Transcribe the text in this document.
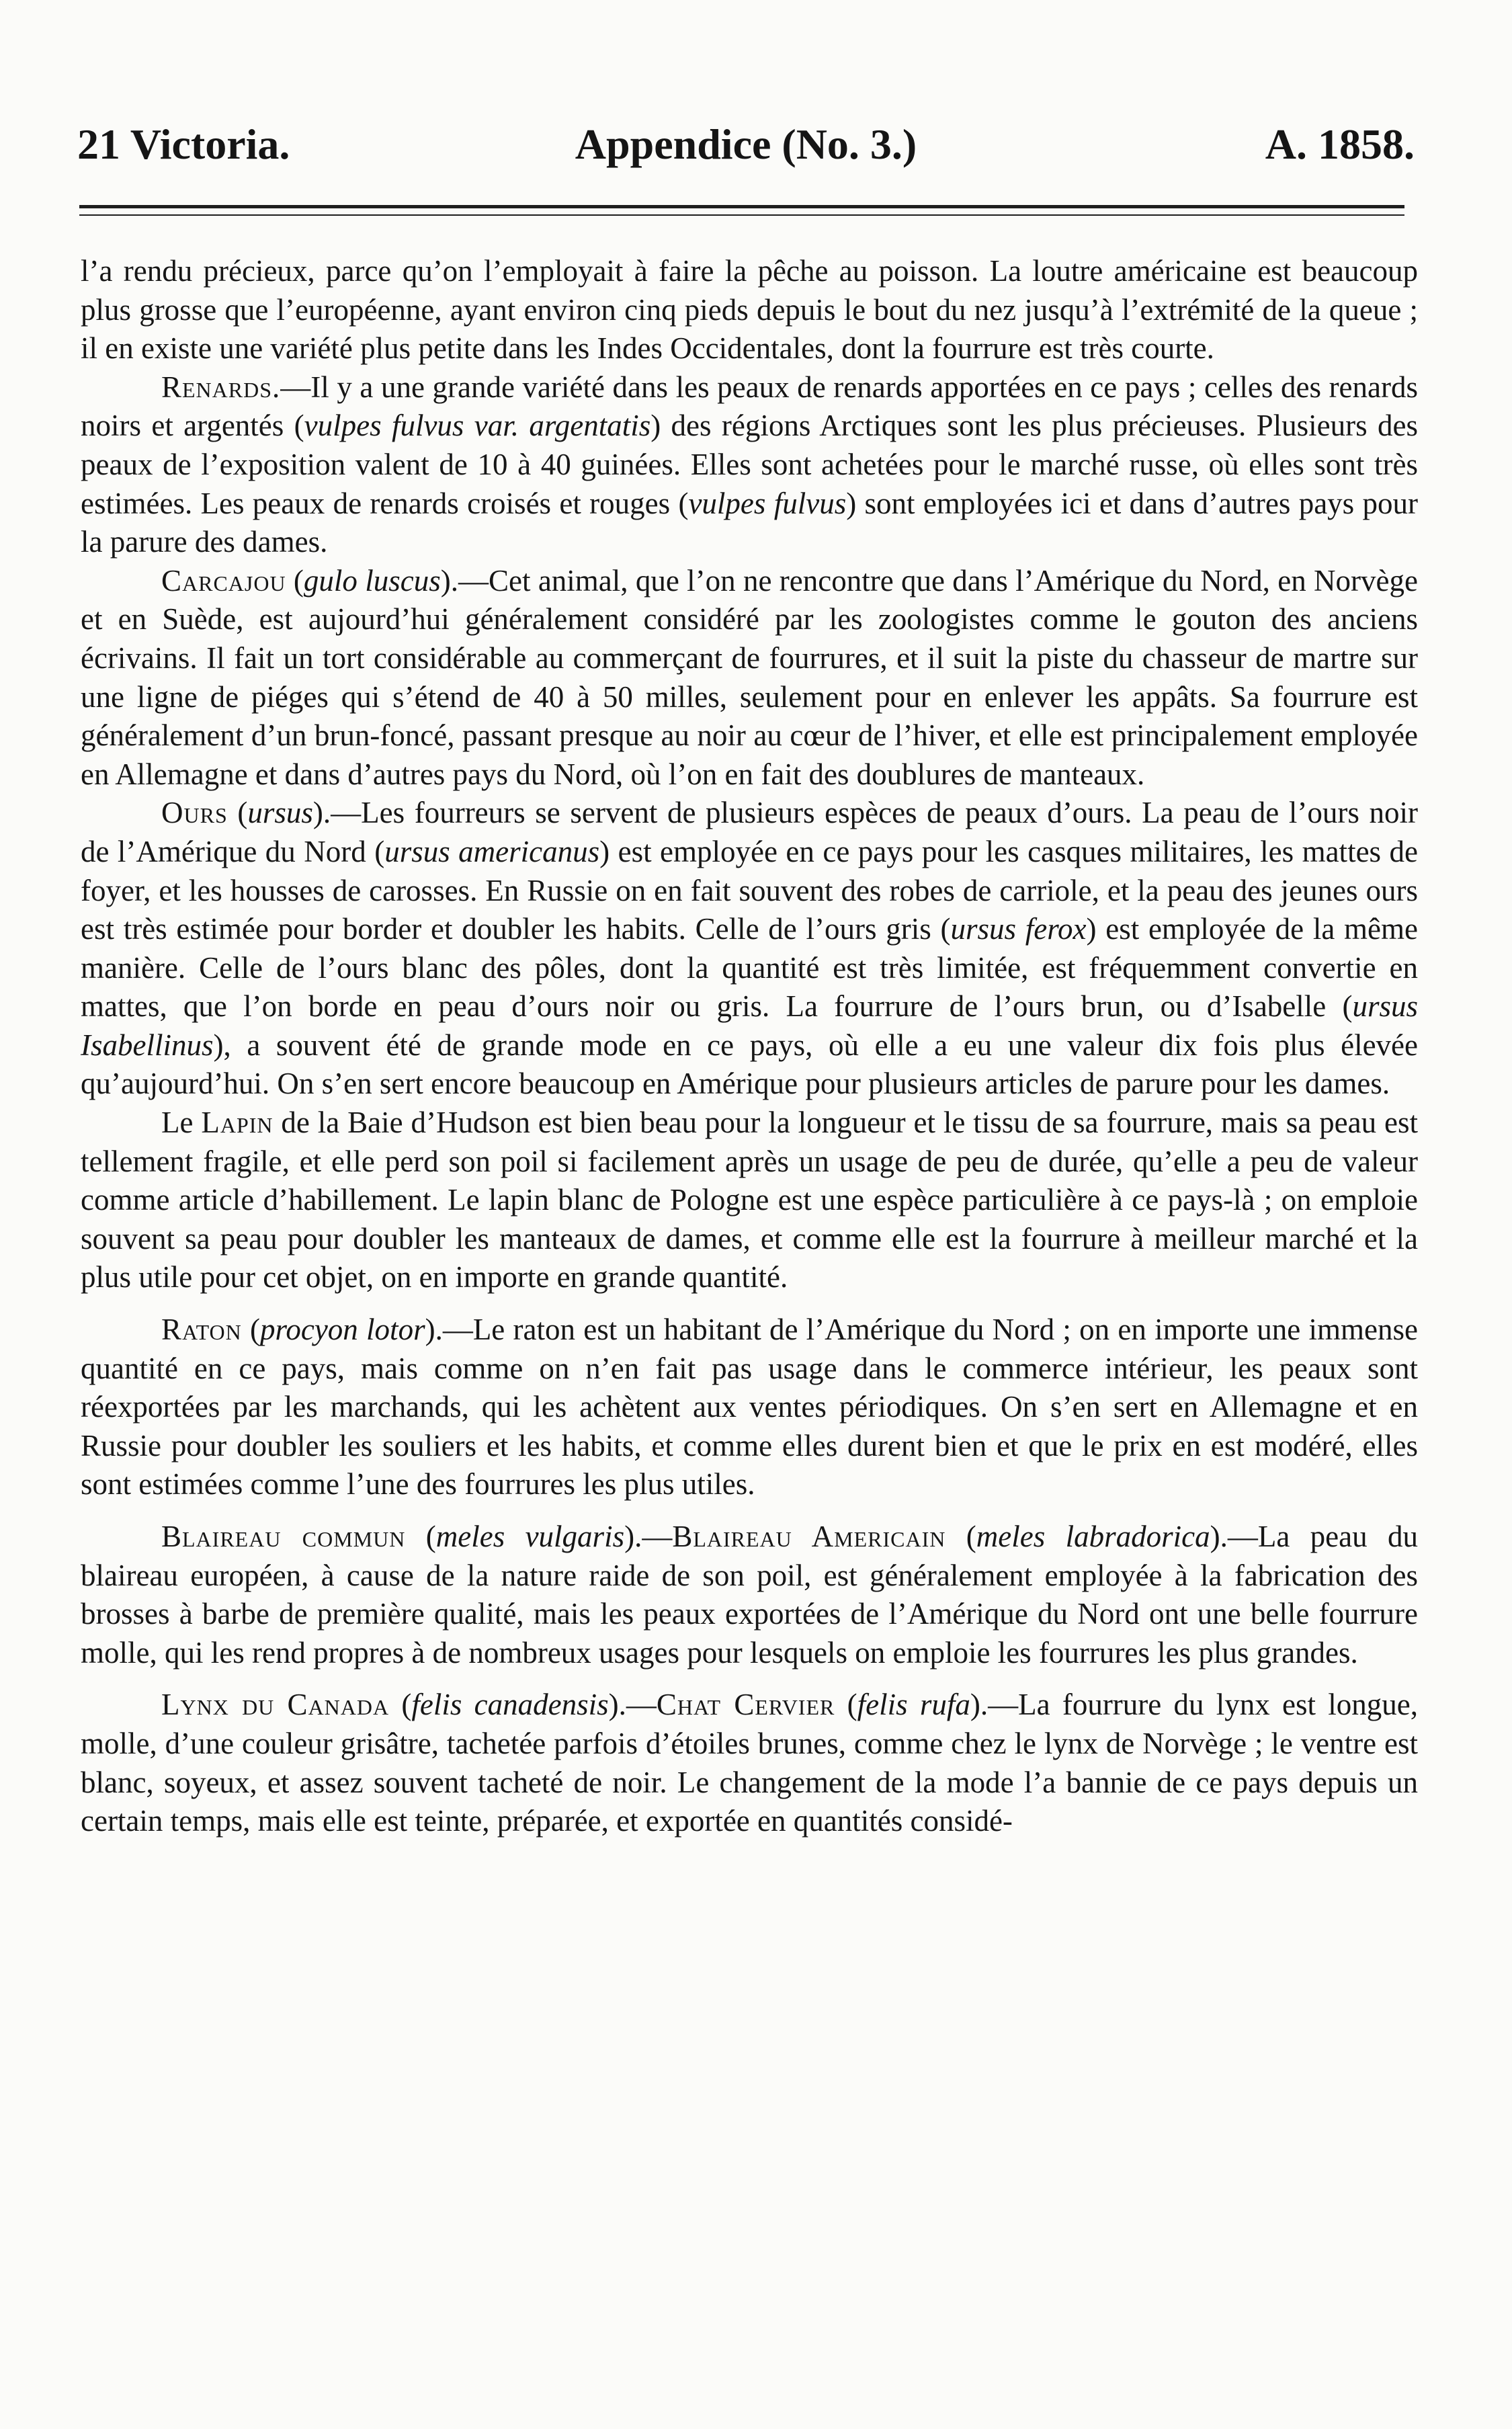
21 Victoria.	Appendice (No. 3.)	A. 1858.

l’a rendu précieux, parce qu’on l’employait à faire la pêche au poisson. La loutre américaine est beaucoup plus grosse que l’européenne, ayant environ cinq pieds depuis le bout du nez jusqu’à l’extrémité de la queue ; il en existe une variété plus petite dans les Indes Occidentales, dont la fourrure est très courte.

Renards.—Il y a une grande variété dans les peaux de renards apportées en ce pays ; celles des renards noirs et argentés (vulpes fulvus var. argentatis) des régions Arctiques sont les plus précieuses. Plusieurs des peaux de l’exposition valent de 10 à 40 guinées. Elles sont achetées pour le marché russe, où elles sont très estimées. Les peaux de renards croisés et rouges (vulpes fulvus) sont employées ici et dans d’autres pays pour la parure des dames.

Carcajou (gulo luscus).—Cet animal, que l’on ne rencontre que dans l’Amérique du Nord, en Norvège et en Suède, est aujourd’hui généralement considéré par les zoologistes comme le gouton des anciens écrivains. Il fait un tort considérable au commerçant de fourrures, et il suit la piste du chasseur de martre sur une ligne de piéges qui s’étend de 40 à 50 milles, seulement pour en enlever les appâts. Sa fourrure est généralement d’un brun-foncé, passant presque au noir au cœur de l’hiver, et elle est principalement employée en Allemagne et dans d’autres pays du Nord, où l’on en fait des doublures de manteaux.

Ours (ursus).—Les fourreurs se servent de plusieurs espèces de peaux d’ours. La peau de l’ours noir de l’Amérique du Nord (ursus americanus) est employée en ce pays pour les casques militaires, les mattes de foyer, et les housses de carosses. En Russie on en fait souvent des robes de carriole, et la peau des jeunes ours est très estimée pour border et doubler les habits. Celle de l’ours gris (ursus ferox) est employée de la même manière. Celle de l’ours blanc des pôles, dont la quantité est très limitée, est fréquemment convertie en mattes, que l’on borde en peau d’ours noir ou gris. La fourrure de l’ours brun, ou d’Isabelle (ursus Isabellinus), a souvent été de grande mode en ce pays, où elle a eu une valeur dix fois plus élevée qu’aujourd’hui. On s’en sert encore beaucoup en Amérique pour plusieurs articles de parure pour les dames.

Le Lapin de la Baie d’Hudson est bien beau pour la longueur et le tissu de sa fourrure, mais sa peau est tellement fragile, et elle perd son poil si facilement après un usage de peu de durée, qu’elle a peu de valeur comme article d’habillement. Le lapin blanc de Pologne est une espèce particulière à ce pays-là ; on emploie souvent sa peau pour doubler les manteaux de dames, et comme elle est la fourrure à meilleur marché et la plus utile pour cet objet, on en importe en grande quantité.

Raton (procyon lotor).—Le raton est un habitant de l’Amérique du Nord ; on en importe une immense quantité en ce pays, mais comme on n’en fait pas usage dans le commerce intérieur, les peaux sont réexportées par les marchands, qui les achètent aux ventes périodiques. On s’en sert en Allemagne et en Russie pour doubler les souliers et les habits, et comme elles durent bien et que le prix en est modéré, elles sont estimées comme l’une des fourrures les plus utiles.

Blaireau commun (meles vulgaris).—Blaireau Americain (meles labradorica).—La peau du blaireau européen, à cause de la nature raide de son poil, est généralement employée à la fabrication des brosses à barbe de première qualité, mais les peaux exportées de l’Amérique du Nord ont une belle fourrure molle, qui les rend propres à de nombreux usages pour lesquels on emploie les fourrures les plus grandes.

Lynx du Canada (felis canadensis).—Chat Cervier (felis rufa).—La fourrure du lynx est longue, molle, d’une couleur grisâtre, tachetée parfois d’étoiles brunes, comme chez le lynx de Norvège ; le ventre est blanc, soyeux, et assez souvent tacheté de noir. Le changement de la mode l’a bannie de ce pays depuis un certain temps, mais elle est teinte, préparée, et exportée en quantités considé-
